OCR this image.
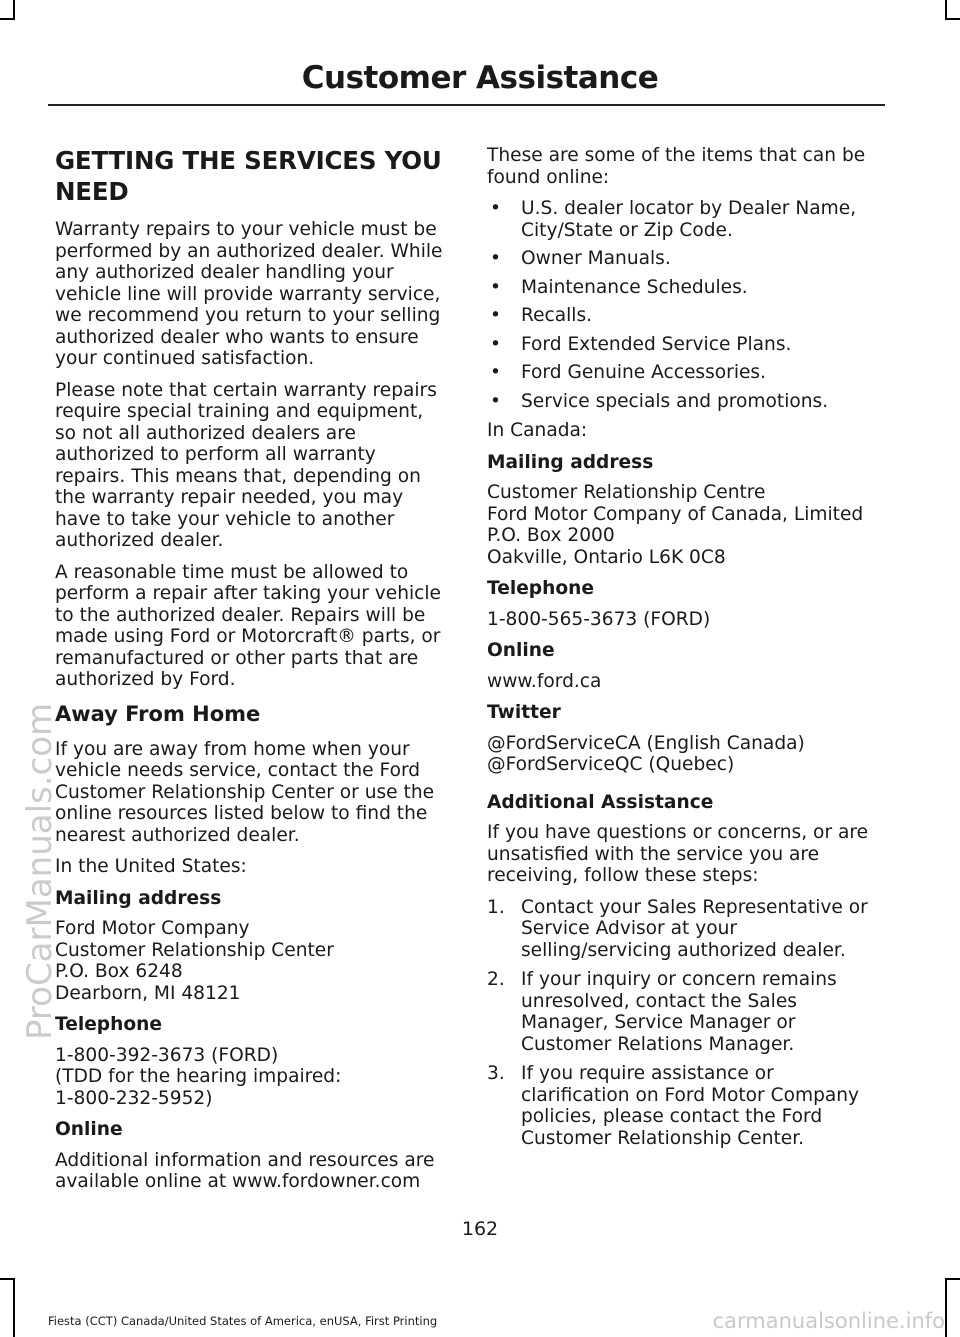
Customer Assistance
GETTING THE SERVICES YOU NEED

Warranty repairs to your vehicle must be performed by an authorized dealer. While any authorized dealer handling your vehicle line will provide warranty service, we recommend you return to your selling authorized dealer who wants to ensure your continued satisfaction.

Please note that certain warranty repairs require special training and equipment, so not all authorized dealers are authorized to perform all warranty repairs. This means that, depending on the warranty repair needed, you may have to take your vehicle to another authorized dealer.

A reasonable time must be allowed to perform a repair after taking your vehicle to the authorized dealer. Repairs will be made using Ford or Motorcraft® parts, or remanufactured or other parts that are authorized by Ford.

Away From Home

If you are away from home when your vehicle needs service, contact the Ford Customer Relationship Center or use the online resources listed below to find the nearest authorized dealer.

In the United States:

Mailing address

Ford Motor Company
Customer Relationship Center
P.O. Box 6248
Dearborn, MI 48121

Telephone

1-800-392-3673 (FORD)
(TDD for the hearing impaired:
1-800-232-5952)

Online

Additional information and resources are available online at www.fordowner.com

These are some of the items that can be found online:

• U.S. dealer locator by Dealer Name, City/State or Zip Code.
• Owner Manuals.
• Maintenance Schedules.
• Recalls.
• Ford Extended Service Plans.
• Ford Genuine Accessories.
• Service specials and promotions.

In Canada:

Mailing address

Customer Relationship Centre
Ford Motor Company of Canada, Limited
P.O. Box 2000
Oakville, Ontario L6K 0C8

Telephone

1-800-565-3673 (FORD)

Online

www.ford.ca

Twitter

@FordServiceCA (English Canada)
@FordServiceQC (Quebec)

Additional Assistance

If you have questions or concerns, or are unsatisfied with the service you are receiving, follow these steps:

1. Contact your Sales Representative or Service Advisor at your selling/servicing authorized dealer.
2. If your inquiry or concern remains unresolved, contact the Sales Manager, Service Manager or Customer Relations Manager.
3. If you require assistance or clarification on Ford Motor Company policies, please contact the Ford Customer Relationship Center.
162
Fiesta (CCT) Canada/United States of America, enUSA, First Printing
ProCarManuals.com
carmanualsonline.info
